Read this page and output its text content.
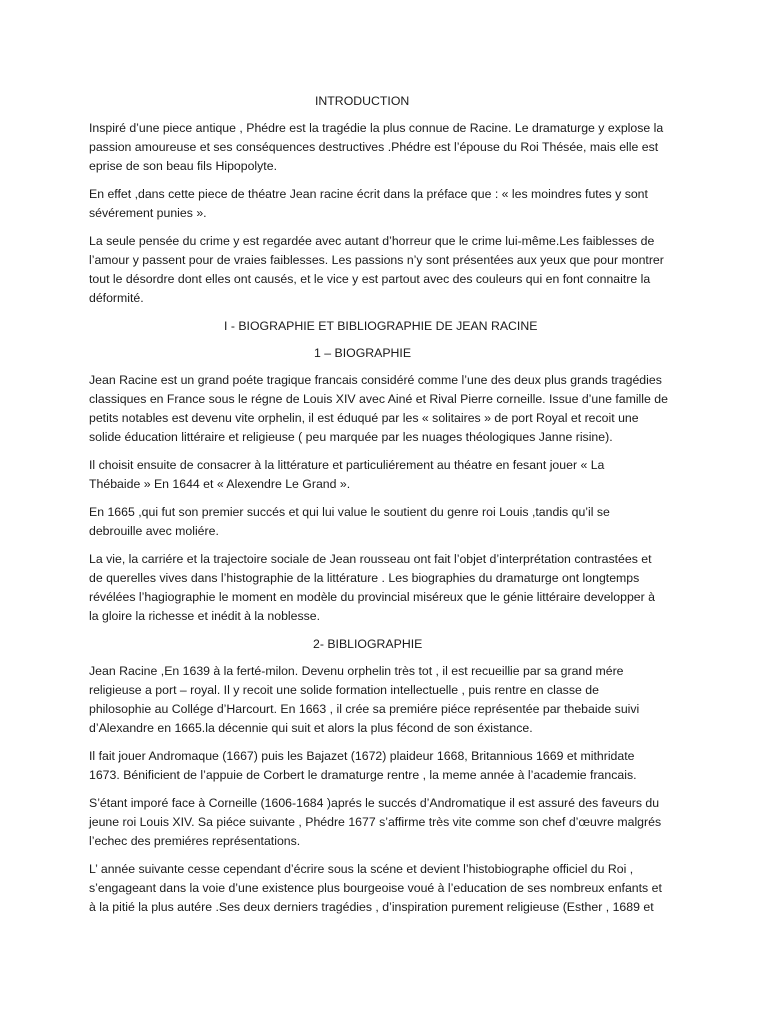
INTRODUCTION

Inspiré d’une piece antique , Phédre est la tragédie la plus connue de Racine. Le dramaturge y explose la
passion amoureuse et ses conséquences destructives .Phédre est l’épouse du Roi Thésée, mais elle est
eprise de son beau fils Hipopolyte.

En effet ,dans cette piece de théatre Jean racine écrit dans la préface que : « les moindres futes y sont
sévérement punies ».

La seule pensée du crime y est regardée avec autant d’horreur que le crime lui-même.Les faiblesses de
l’amour y passent pour de vraies faiblesses. Les passions n’y sont présentées aux yeux que pour montrer
tout le désordre dont elles ont causés, et le vice y est partout avec des couleurs qui en font connaitre la
déformité.

I - BIOGRAPHIE ET BIBLIOGRAPHIE DE JEAN RACINE
1 – BIOGRAPHIE

Jean Racine est un grand poéte tragique francais considéré comme l’une des deux plus grands tragédies
classiques en France sous le régne de Louis XIV avec Ainé et Rival Pierre corneille. Issue d’une famille de
petits notables est devenu vite orphelin, il est éduqué par les « solitaires » de port Royal et recoit une
solide éducation littéraire et religieuse ( peu marquée par les nuages théologiques Janne risine).

Il choisit ensuite de consacrer à la littérature et particuliérement au théatre en fesant jouer « La
Thébaide » En 1644 et « Alexendre Le Grand ».

En 1665 ,qui fut son premier succés et qui lui value le soutient du genre roi Louis ,tandis qu’il se
debrouille avec moliére.

La vie, la carriére et la trajectoire sociale de Jean rousseau ont fait l’objet d’interprétation contrastées et
de querelles vives dans l’histographie de la littérature . Les biographies du dramaturge ont longtemps
révélées l’hagiographie le moment en modèle du provincial miséreux que le génie littéraire developper à
la gloire la richesse et inédit à la noblesse.

2- BIBLIOGRAPHIE

Jean Racine ,En 1639 à la ferté-milon. Devenu orphelin très tot , il est recueillie par sa grand mére
religieuse a port – royal. Il y recoit une solide formation intellectuelle , puis rentre en classe de
philosophie au Collége d’Harcourt. En 1663 , il crée sa premiére piéce représentée par thebaide suivi
d’Alexandre en 1665.la décennie qui suit et alors la plus fécond de son éxistance.

Il fait jouer Andromaque (1667) puis les Bajazet (1672) plaideur 1668, Britannious 1669 et mithridate
1673. Bénificient de l’appuie de Corbert le dramaturge rentre , la meme année à l’academie francais.

S’étant imporé face à Corneille (1606-1684 )aprés le succés d’Andromatique il est assuré des faveurs du
jeune roi Louis XIV. Sa piéce suivante , Phédre 1677 s’affirme très vite comme son chef d’œuvre malgrés
l’echec des premiéres représentations.

L’ année suivante cesse cependant d’écrire sous la scéne et devient l’histobiographe officiel du Roi ,
s’engageant dans la voie d’une existence plus bourgeoise voué à l’education de ses nombreux enfants et
à la pitié la plus autére .Ses deux derniers tragédies , d’inspiration purement religieuse (Esther , 1689 et
